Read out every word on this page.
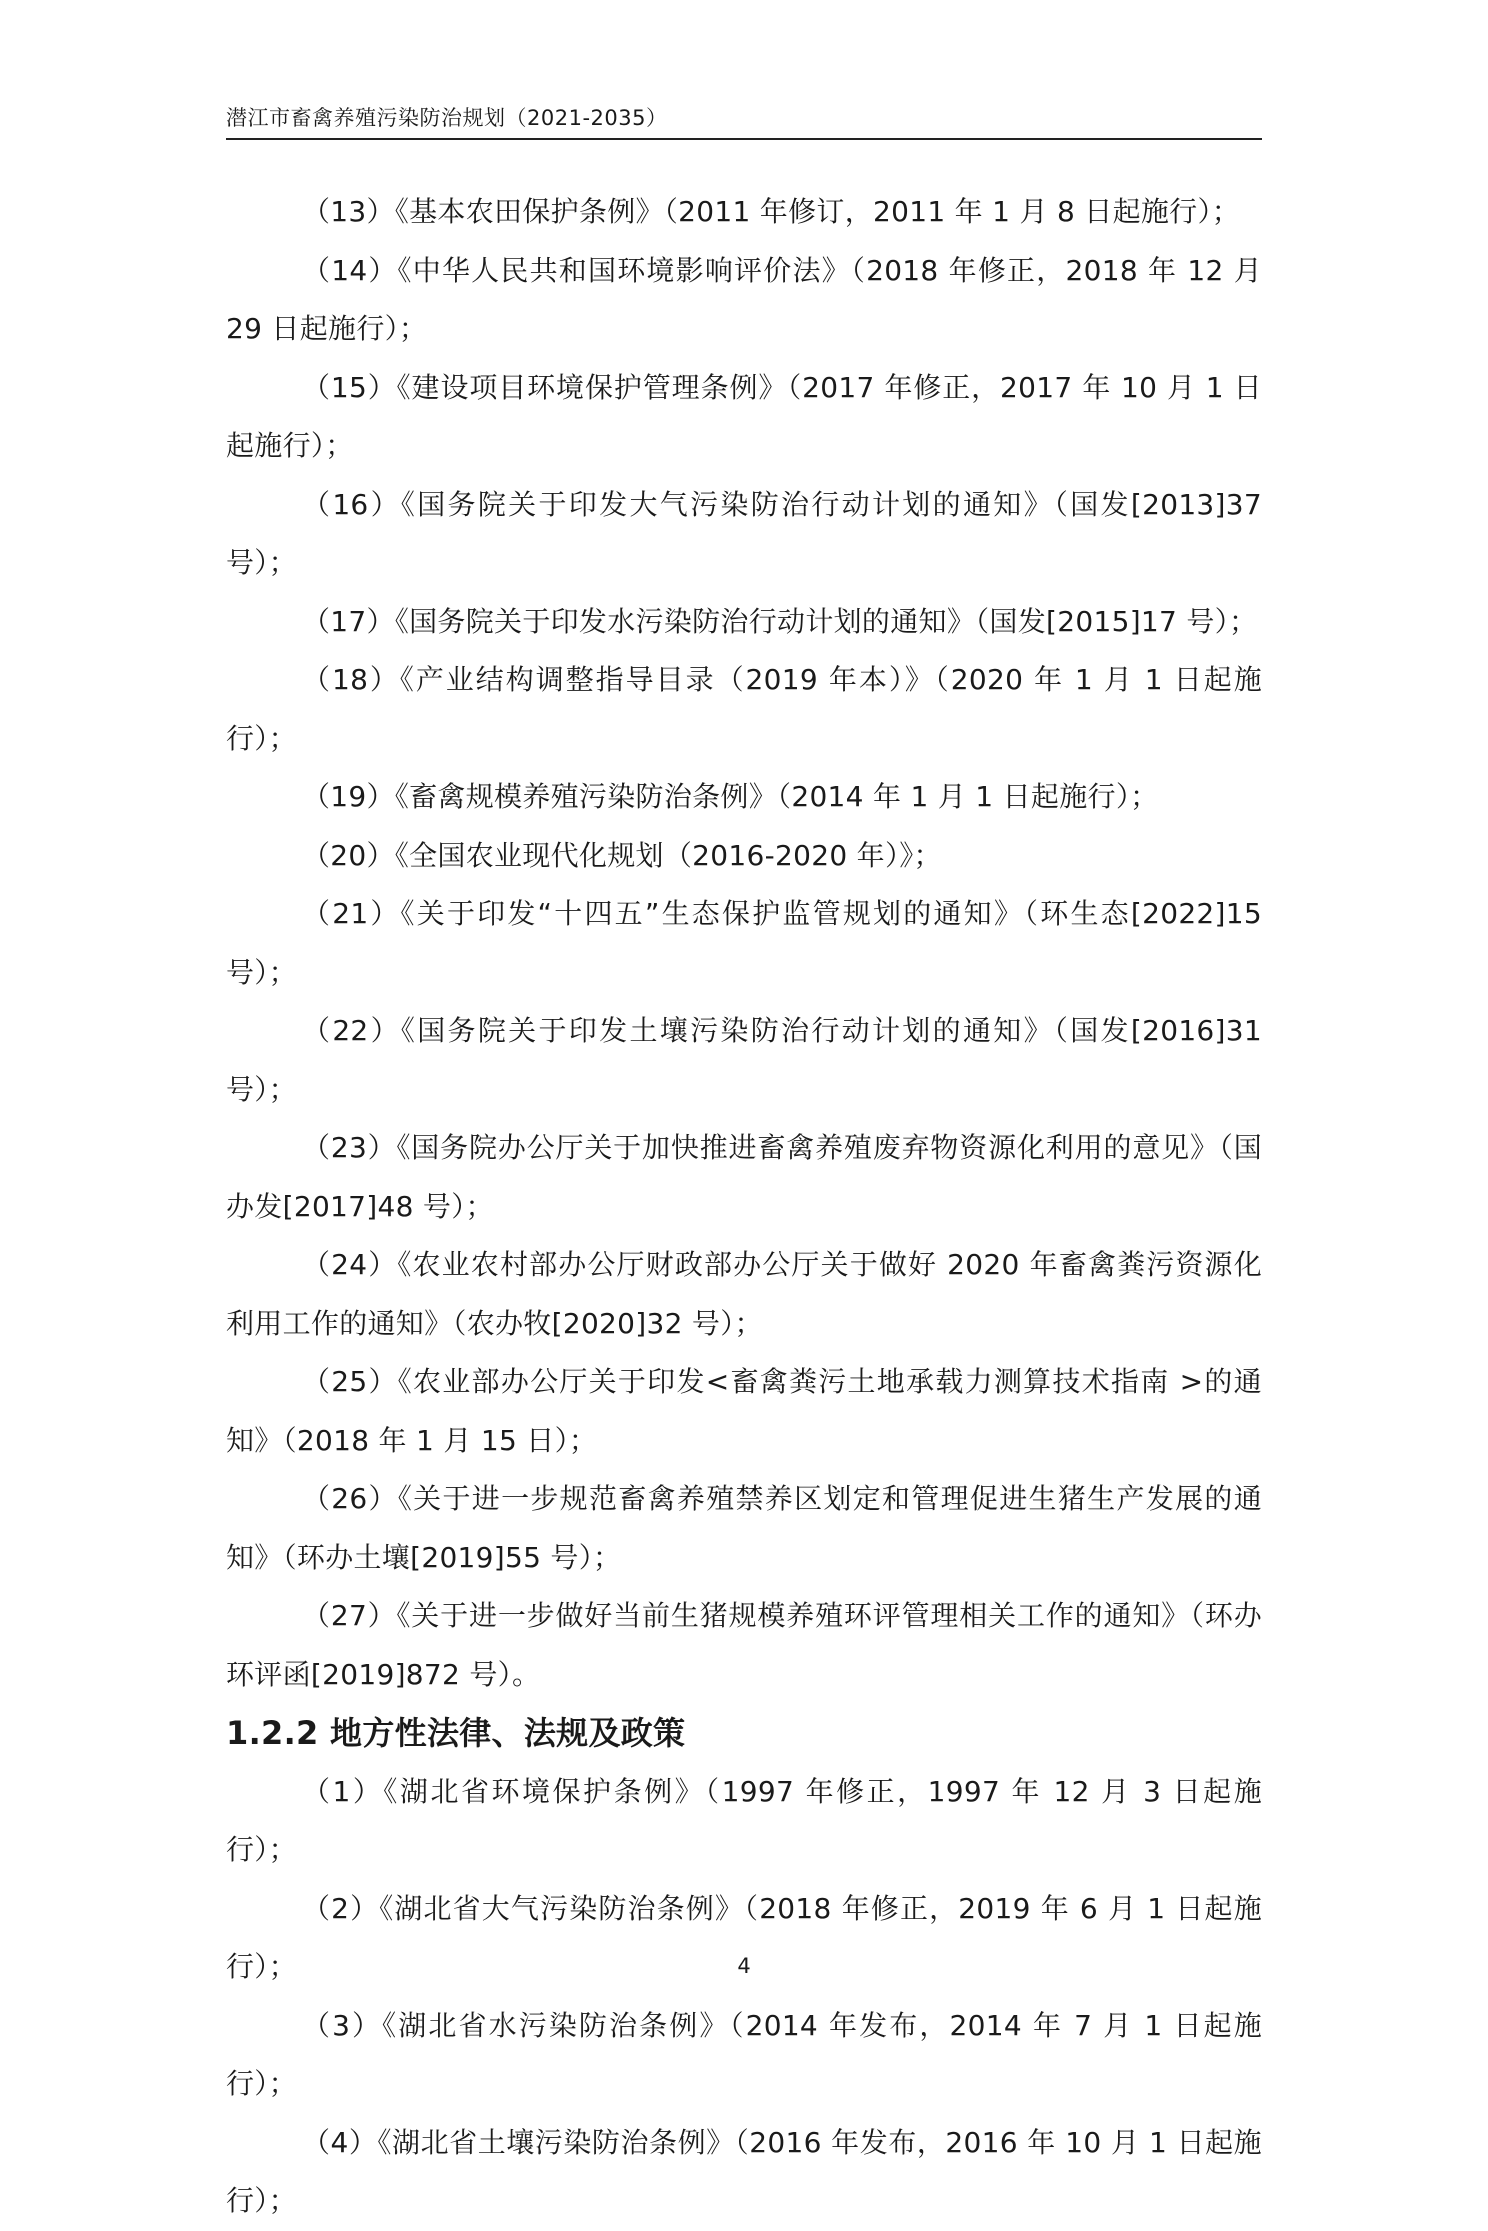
潜江市畜禽养殖污染防治规划（2021-2035）

（13）《基本农田保护条例》（2011 年修订，2011 年 1 月 8 日起施行）；

（14）《中华人民共和国环境影响评价法》（2018 年修正，2018 年 12 月 29 日起施行）；

（15）《建设项目环境保护管理条例》（2017 年修正，2017 年 10 月 1 日起施行）；

（16）《国务院关于印发大气污染防治行动计划的通知》（国发[2013]37 号）；

（17）《国务院关于印发水污染防治行动计划的通知》（国发[2015]17 号）；

（18）《产业结构调整指导目录（2019 年本）》（2020 年 1 月 1 日起施行）；

（19）《畜禽规模养殖污染防治条例》（2014 年 1 月 1 日起施行）；

（20）《全国农业现代化规划（2016-2020 年）》；

（21）《关于印发“十四五”生态保护监管规划的通知》（环生态[2022]15 号）；

（22）《国务院关于印发土壤污染防治行动计划的通知》（国发[2016]31 号）；

（23）《国务院办公厅关于加快推进畜禽养殖废弃物资源化利用的意见》（国办发[2017]48 号）；

（24）《农业农村部办公厅财政部办公厅关于做好 2020 年畜禽粪污资源化利用工作的通知》（农办牧[2020]32 号）；

（25）《农业部办公厅关于印发<畜禽粪污土地承载力测算技术指南 >的通知》（2018 年 1 月 15 日）；

（26）《关于进一步规范畜禽养殖禁养区划定和管理促进生猪生产发展的通知》（环办土壤[2019]55 号）；

（27）《关于进一步做好当前生猪规模养殖环评管理相关工作的通知》（环办环评函[2019]872 号）。

1.2.2 地方性法律、法规及政策

（1）《湖北省环境保护条例》（1997 年修正，1997 年 12 月 3 日起施行）；

（2）《湖北省大气污染防治条例》（2018 年修正，2019 年 6 月 1 日起施行）；

（3）《湖北省水污染防治条例》（2014 年发布，2014 年 7 月 1 日起施行）；

（4）《湖北省土壤污染防治条例》（2016 年发布，2016 年 10 月 1 日起施行）；

4
